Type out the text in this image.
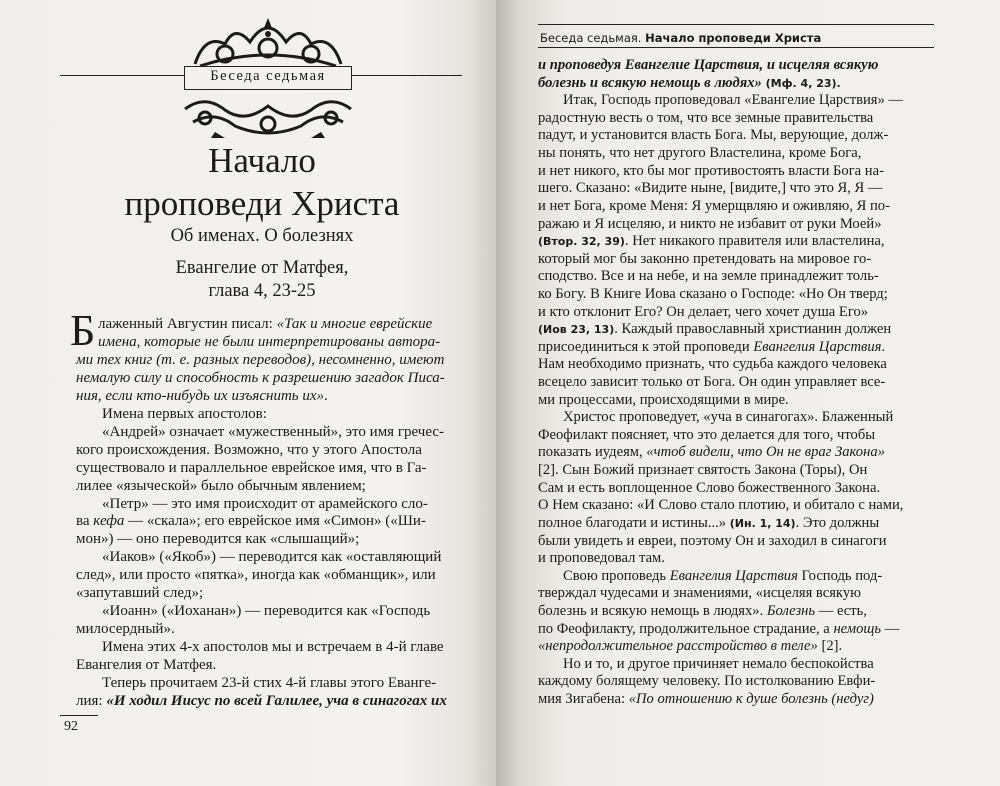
Беседа седьмая
Начало
проповеди Христа
Об именах. О болезнях
Евангелие от Матфея,
глава 4, 23-25
Б лаженный Августин писал: «Так и многие еврейские
имена, которые не были интерпретированы автора-
ми тех книг (т. е. разных переводов), несомненно, имеют
немалую силу и способность к разрешению загадок Писа-
ния, если кто-нибудь их изъяснить их».
Имена первых апостолов:
«Андрей» означает «мужественный», это имя гречес-
кого происхождения. Возможно, что у этого Апостола
существовало и параллельное еврейское имя, что в Га-
лилее «языческой» было обычным явлением;
«Петр» — это имя происходит от арамейского сло-
ва кефа — «скала»; его еврейское имя «Симон» («Ши-
мон») — оно переводится как «слышащий»;
«Иаков» («Якоб») — переводится как «оставляющий
след», или просто «пятка», иногда как «обманщик», или
«запутавший след»;
«Иоанн» («Иоханан») — переводится как «Господь
милосердный».
Имена этих 4-х апостолов мы и встречаем в 4-й главе
Евангелия от Матфея.
Теперь прочитаем 23-й стих 4-й главы этого Еванге-
лия: «И ходил Иисус по всей Галилее, уча в синагогах их
92
Беседа седьмая. Начало проповеди Христа
и проповедуя Евангелие Царствия, и исцеляя всякую
болезнь и всякую немощь в людях» (Мф. 4, 23).
Итак, Господь проповедовал «Евангелие Царствия» —
радостную весть о том, что все земные правительства
падут, и установится власть Бога. Мы, верующие, долж-
ны понять, что нет другого Властелина, кроме Бога,
и нет никого, кто бы мог противостоять власти Бога на-
шего. Сказано: «Видите ныне, [видите,] что это Я, Я —
и нет Бога, кроме Меня: Я умерщвляю и оживляю, Я по-
ражаю и Я исцеляю, и никто не избавит от руки Моей»
(Втор. 32, 39). Нет никакого правителя или властелина,
который мог бы законно претендовать на мировое го-
сподство. Все и на небе, и на земле принадлежит толь-
ко Богу. В Книге Иова сказано о Господе: «Но Он тверд;
и кто отклонит Его? Он делает, чего хочет душа Его»
(Иов 23, 13). Каждый православный христианин должен
присоединиться к этой проповеди Евангелия Царствия.
Нам необходимо признать, что судьба каждого человека
всецело зависит только от Бога. Он один управляет все-
ми процессами, происходящими в мире.
Христос проповедует, «уча в синагогах». Блаженный
Феофилакт поясняет, что это делается для того, чтобы
показать иудеям, «чтоб видели, что Он не враг Закона»
[2]. Сын Божий признает святость Закона (Торы), Он
Сам и есть воплощенное Слово божественного Закона.
О Нем сказано: «И Слово стало плотию, и обитало с нами,
полное благодати и истины...» (Ин. 1, 14). Это должны
были увидеть и евреи, поэтому Он и заходил в синагоги
и проповедовал там.
Свою проповедь Евангелия Царствия Господь под-
тверждал чудесами и знамениями, «исцеляя всякую
болезнь и всякую немощь в людях». Болезнь — есть,
по Феофилакту, продолжительное страдание, а немощь —
«непродолжительное расстройство в теле» [2].
Но и то, и другое причиняет немало беспокойства
каждому болящему человеку. По истолкованию Евфи-
мия Зигабена: «По отношению к душе болезнь (недуг)
